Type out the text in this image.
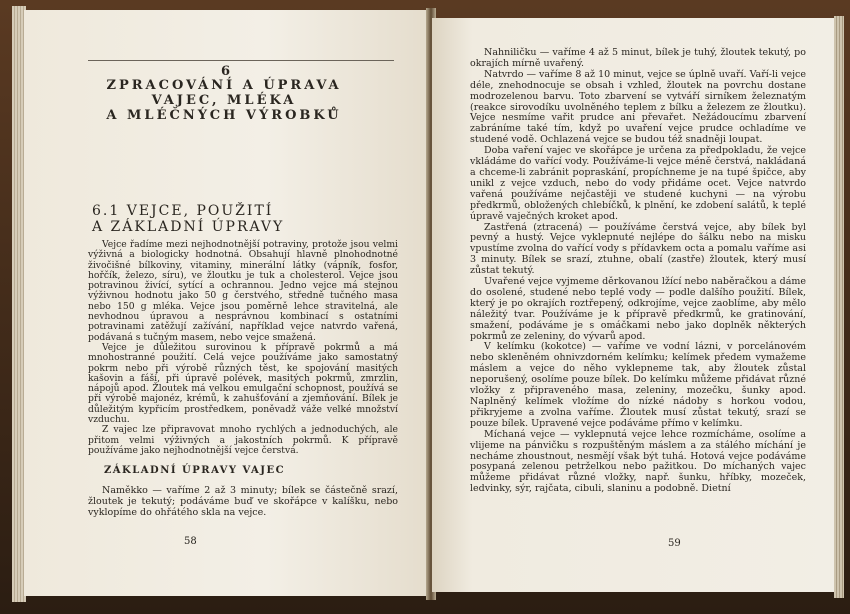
6
ZPRACOVÁNÍ A ÚPRAVA
VAJEC, MLÉKA
A MLÉČNÝCH VÝROBKŮ
6.1 VEJCE, POUŽITÍ
A ZÁKLADNÍ ÚPRAVY

Vejce řadíme mezi nejhodnotnější potraviny, protože jsou velmi výživná a biologicky hodnotná. Obsahují hlavně plnohodnotné živočišné bílkoviny, vitaminy, minerální látky (vápník, fosfor, hořčík, železo, síru), ve žloutku je tuk a cholesterol. Vejce jsou potravinou živící, sytící a ochrannou. Jedno vejce má stejnou výživnou hodnotu jako 50 g čerstvého, středně tučného masa nebo 150 g mléka. Vejce jsou poměrně lehce stravitelná, ale nevhodnou úpravou a nesprávnou kombinací s ostatními potravinami zatěžují zažívání, například vejce natvrdo vařená, podávaná s tučným masem, nebo vejce smažená.

Vejce je důležitou surovinou k přípravě pokrmů a má mnohostranné použití. Celá vejce používáme jako samostatný pokrm nebo při výrobě různých těst, ke spojování masitých kašovin a fáší, při úpravě polévek, masitých pokrmů, zmrzlin, nápojů apod. Žloutek má velkou emulgační schopnost, používá se při výrobě majonéz, krémů, k zahušťování a zjemňování. Bílek je důležitým kypřicím prostředkem, poněvadž váže velké množství vzduchu.

Z vajec lze připravovat mnoho rychlých a jednoduchých, ale přitom velmi výživných a jakostních pokrmů. K přípravě používáme jako nejhodnotnější vejce čerstvá.

ZÁKLADNÍ ÚPRAVY VAJEC

Naměkko — vaříme 2 až 3 minuty; bílek se částečně srazí, žloutek je tekutý; podáváme buď ve skořápce v kalíšku, nebo vyklopíme do ohřátého skla na vejce.

58

Nahniličku — vaříme 4 až 5 minut, bílek je tuhý, žloutek tekutý, po okrajích mírně uvařený.

Natvrdo — vaříme 8 až 10 minut, vejce se úplně uvaří. Vaří-li vejce déle, znehodnocuje se obsah i vzhled, žloutek na povrchu dostane modrozelenou barvu. Toto zbarvení se vytváří sirníkem železnatým (reakce sirovodíku uvolněného teplem z bílku a železem ze žloutku). Vejce nesmíme vařit prudce ani převařet. Nežádoucímu zbarvení zabráníme také tím, když po uvaření vejce prudce ochladíme ve studené vodě. Ochlazená vejce se budou též snadněji loupat.

Doba vaření vajec ve skořápce je určena za předpokladu, že vejce vkládáme do vařící vody. Používáme-li vejce méně čerstvá, nakládaná a chceme-li zabránit popraskání, propíchneme je na tupé špičce, aby unikl z vejce vzduch, nebo do vody přidáme ocet. Vejce natvrdo vařená používáme nejčastěji ve studené kuchyni — na výrobu předkrmů, obložených chlebíčků, k plnění, ke zdobení salátů, k teplé úpravě vaječných kroket apod.

Zastřená (ztracená) — používáme čerstvá vejce, aby bílek byl pevný a hustý. Vejce vyklepnuté nejlépe do šálku nebo na misku vpustíme zvolna do vařící vody s přídavkem octa a pomalu vaříme asi 3 minuty. Bílek se srazí, ztuhne, obalí (zastře) žloutek, který musí zůstat tekutý.

Uvařené vejce vyjmeme děrkovanou lžící nebo naběračkou a dáme do osolené, studené nebo teplé vody — podle dalšího použití. Bílek, který je po okrajích roztřepený, odkrojíme, vejce zaoblíme, aby mělo náležitý tvar. Používáme je k přípravě předkrmů, ke gratinování, smažení, podáváme je s omáčkami nebo jako doplněk některých pokrmů ze zeleniny, do vývarů apod.

V kelímku (kokotce) — vaříme ve vodní lázni, v porcelánovém nebo skleněném ohnivzdorném kelímku; kelímek předem vymažeme máslem a vejce do něho vyklepneme tak, aby žloutek zůstal neporušený, osolíme pouze bílek. Do kelímku můžeme přidávat různé vložky z připraveného masa, zeleniny, mozečku, šunky apod. Naplněný kelímek vložíme do nízké nádoby s horkou vodou, přikryjeme a zvolna vaříme. Žloutek musí zůstat tekutý, srazí se pouze bílek. Upravené vejce podáváme přímo v kelímku.

Míchaná vejce — vyklepnutá vejce lehce rozmícháme, osolíme a vlijeme na pánvičku s rozpuštěným máslem a za stálého míchání je necháme zhoustnout, nesmějí však být tuhá. Hotová vejce podáváme posypaná zelenou petrželkou nebo pažitkou. Do míchaných vajec můžeme přidávat různé vložky, např. šunku, hříbky, mozeček, ledvinky, sýr, rajčata, cibuli, slaninu a podobně. Dietní

59
